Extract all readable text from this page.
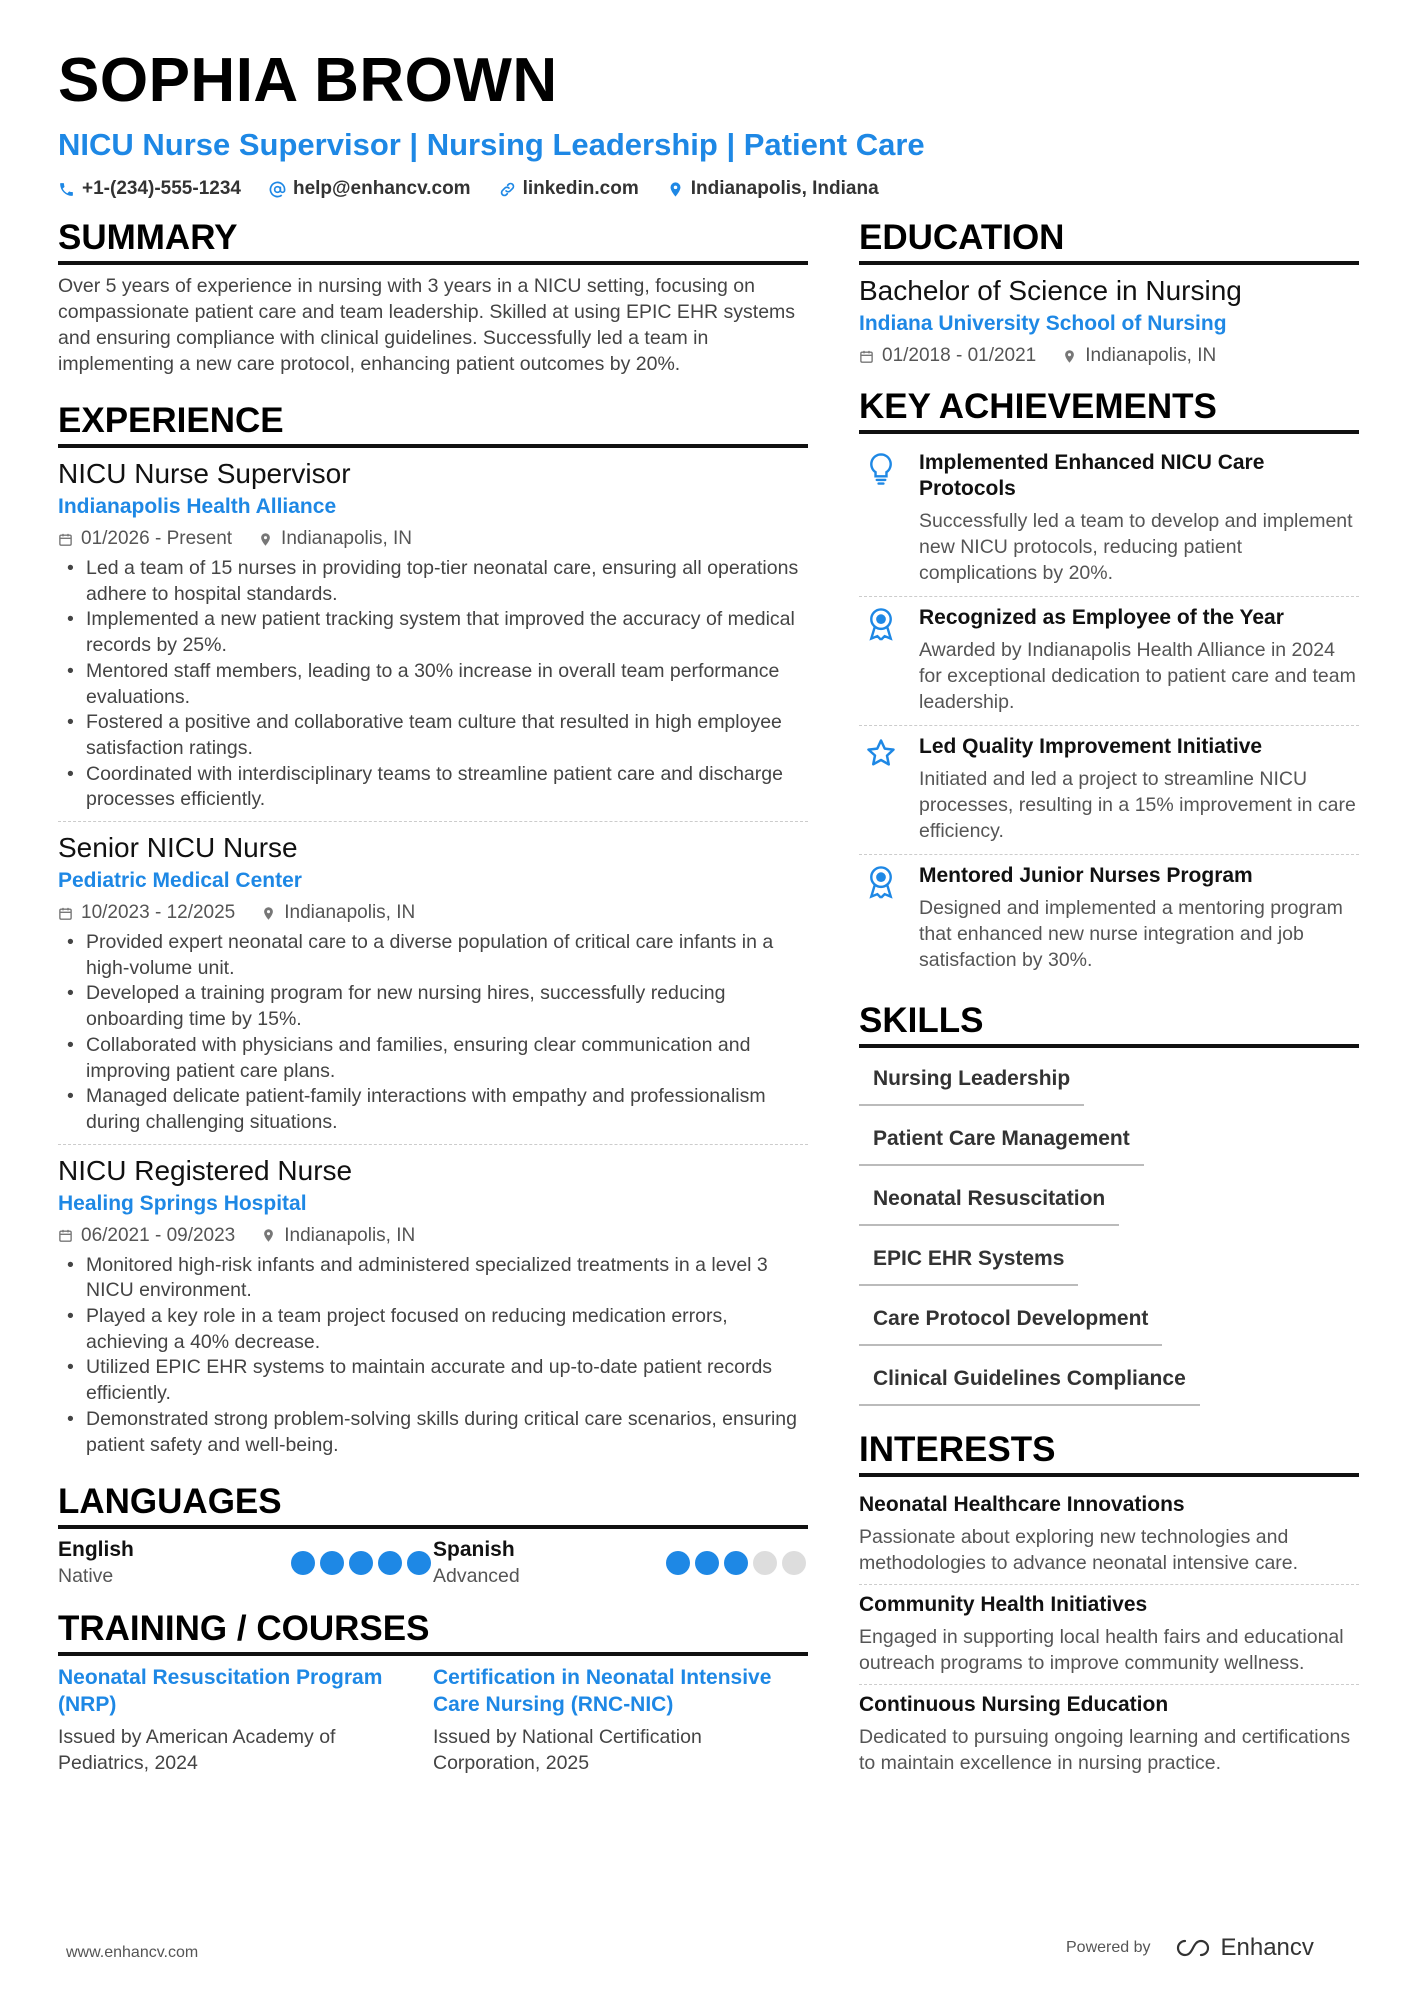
SOPHIA BROWN
NICU Nurse Supervisor | Nursing Leadership | Patient Care
+1-(234)-555-1234	help@enhancv.com	linkedin.com	Indianapolis, Indiana
SUMMARY
Over 5 years of experience in nursing with 3 years in a NICU setting, focusing on compassionate patient care and team leadership. Skilled at using EPIC EHR systems and ensuring compliance with clinical guidelines. Successfully led a team in implementing a new care protocol, enhancing patient outcomes by 20%.
EXPERIENCE
NICU Nurse Supervisor
Indianapolis Health Alliance
01/2026 - Present	Indianapolis, IN
• Led a team of 15 nurses in providing top-tier neonatal care, ensuring all operations adhere to hospital standards.
• Implemented a new patient tracking system that improved the accuracy of medical records by 25%.
• Mentored staff members, leading to a 30% increase in overall team performance evaluations.
• Fostered a positive and collaborative team culture that resulted in high employee satisfaction ratings.
• Coordinated with interdisciplinary teams to streamline patient care and discharge processes efficiently.
Senior NICU Nurse
Pediatric Medical Center
10/2023 - 12/2025	Indianapolis, IN
• Provided expert neonatal care to a diverse population of critical care infants in a high-volume unit.
• Developed a training program for new nursing hires, successfully reducing onboarding time by 15%.
• Collaborated with physicians and families, ensuring clear communication and improving patient care plans.
• Managed delicate patient-family interactions with empathy and professionalism during challenging situations.
NICU Registered Nurse
Healing Springs Hospital
06/2021 - 09/2023	Indianapolis, IN
• Monitored high-risk infants and administered specialized treatments in a level 3 NICU environment.
• Played a key role in a team project focused on reducing medication errors, achieving a 40% decrease.
• Utilized EPIC EHR systems to maintain accurate and up-to-date patient records efficiently.
• Demonstrated strong problem-solving skills during critical care scenarios, ensuring patient safety and well-being.
LANGUAGES
English
Native
Spanish
Advanced
TRAINING / COURSES
Neonatal Resuscitation Program (NRP)
Issued by American Academy of Pediatrics, 2024
Certification in Neonatal Intensive Care Nursing (RNC-NIC)
Issued by National Certification Corporation, 2025
EDUCATION
Bachelor of Science in Nursing
Indiana University School of Nursing
01/2018 - 01/2021	Indianapolis, IN
KEY ACHIEVEMENTS
Implemented Enhanced NICU Care Protocols
Successfully led a team to develop and implement new NICU protocols, reducing patient complications by 20%.
Recognized as Employee of the Year
Awarded by Indianapolis Health Alliance in 2024 for exceptional dedication to patient care and team leadership.
Led Quality Improvement Initiative
Initiated and led a project to streamline NICU processes, resulting in a 15% improvement in care efficiency.
Mentored Junior Nurses Program
Designed and implemented a mentoring program that enhanced new nurse integration and job satisfaction by 30%.
SKILLS
Nursing Leadership
Patient Care Management
Neonatal Resuscitation
EPIC EHR Systems
Care Protocol Development
Clinical Guidelines Compliance
INTERESTS
Neonatal Healthcare Innovations
Passionate about exploring new technologies and methodologies to advance neonatal intensive care.
Community Health Initiatives
Engaged in supporting local health fairs and educational outreach programs to improve community wellness.
Continuous Nursing Education
Dedicated to pursuing ongoing learning and certifications to maintain excellence in nursing practice.
www.enhancv.com	Powered by	Enhancv
